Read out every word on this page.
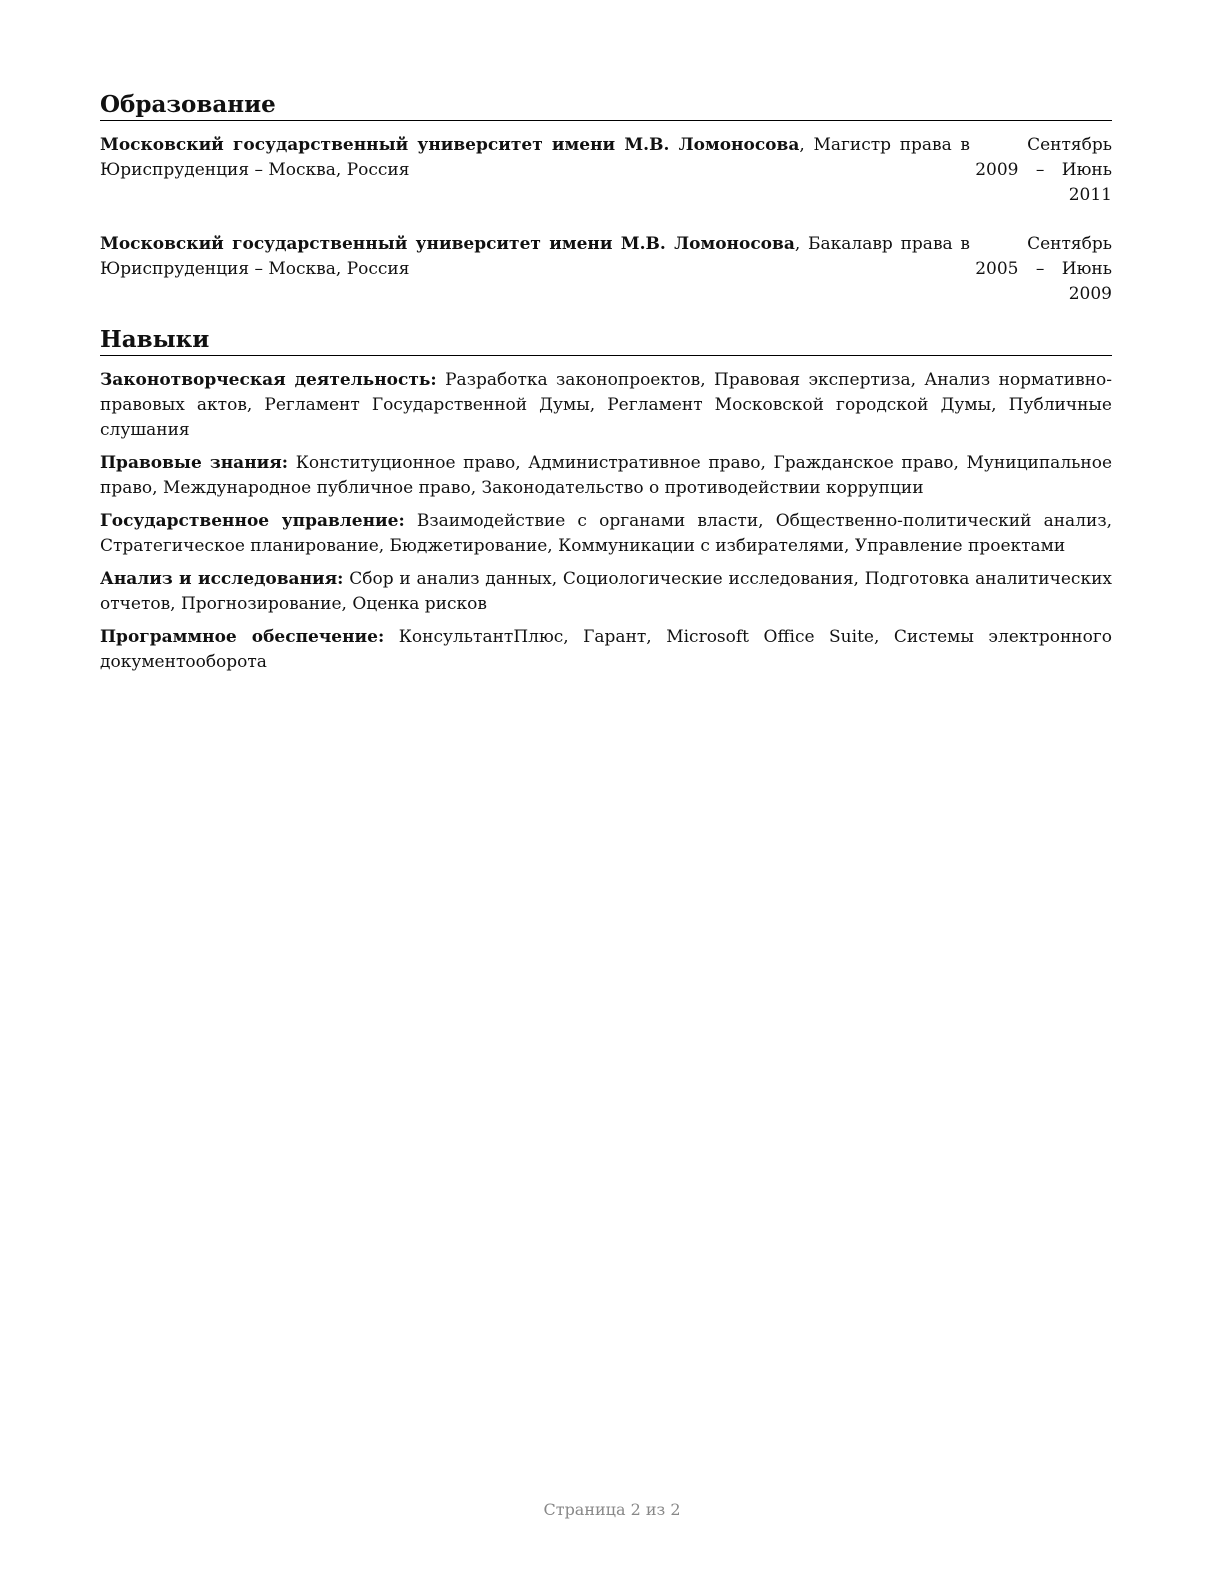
Образование
Московский государственный университет имени М.В. Ломоносова, Магистр права в Юриспруденция – Москва, Россия
Сентябрь 2009 – Июнь 2011
Московский государственный университет имени М.В. Ломоносова, Бакалавр права в Юриспруденция – Москва, Россия
Сентябрь 2005 – Июнь 2009
Навыки
Законотворческая деятельность: Разработка законопроектов, Правовая экспертиза, Анализ нормативно-правовых актов, Регламент Государственной Думы, Регламент Московской городской Думы, Публичные слушания
Правовые знания: Конституционное право, Административное право, Гражданское право, Муниципальное право, Международное публичное право, Законодательство о противодействии коррупции
Государственное управление: Взаимодействие с органами власти, Общественно-политический анализ, Стратегическое планирование, Бюджетирование, Коммуникации с избирателями, Управление проектами
Анализ и исследования: Сбор и анализ данных, Социологические исследования, Подготовка аналитических отчетов, Прогнозирование, Оценка рисков
Программное обеспечение: КонсультантПлюс, Гарант, Microsoft Office Suite, Системы электронного документооборота
Страница 2 из 2
